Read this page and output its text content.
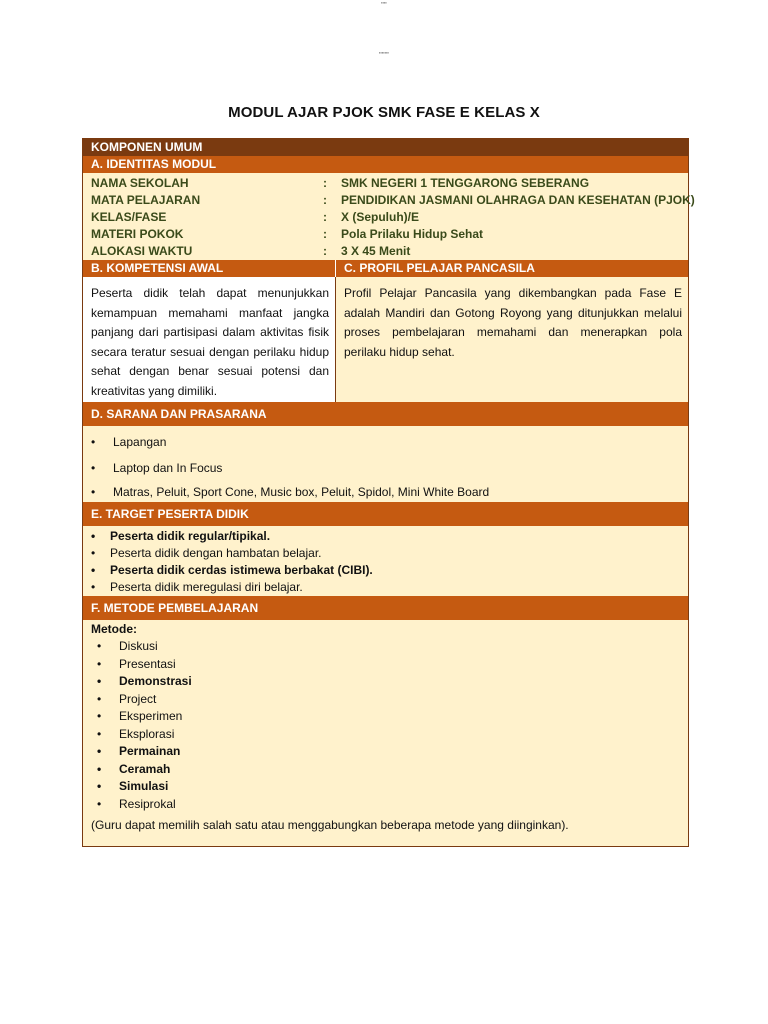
▪▪▪▪
▪▪▪▪▪▪▪
MODUL AJAR PJOK SMK FASE E KELAS X
KOMPONEN UMUM
A. IDENTITAS MODUL
NAMA SEKOLAH	:	SMK NEGERI 1 TENGGARONG SEBERANG
MATA PELAJARAN	:	PENDIDIKAN JASMANI OLAHRAGA DAN KESEHATAN (PJOK)
KELAS/FASE	:	X (Sepuluh)/E
MATERI POKOK	:	Pola Prilaku Hidup Sehat
ALOKASI WAKTU	:	3 X 45 Menit
B. KOMPETENSI AWAL	C. PROFIL PELAJAR PANCASILA
Peserta didik telah dapat menunjukkan kemampuan memahami manfaat jangka panjang dari partisipasi dalam aktivitas fisik secara teratur sesuai dengan perilaku hidup sehat dengan benar sesuai potensi dan kreativitas yang dimiliki.
Profil Pelajar Pancasila yang dikembangkan pada Fase E adalah Mandiri dan Gotong Royong yang ditunjukkan melalui proses pembelajaran memahami dan menerapkan pola perilaku hidup sehat.
D. SARANA DAN PRASARANA
• Lapangan
• Laptop dan In Focus
• Matras, Peluit, Sport Cone, Music box, Peluit, Spidol, Mini White Board
E. TARGET PESERTA DIDIK
• Peserta didik regular/tipikal.
• Peserta didik dengan hambatan belajar.
• Peserta didik cerdas istimewa berbakat (CIBI).
• Peserta didik meregulasi diri belajar.
F. METODE PEMBELAJARAN
Metode:
• Diskusi
• Presentasi
• Demonstrasi
• Project
• Eksperimen
• Eksplorasi
• Permainan
• Ceramah
• Simulasi
• Resiprokal
(Guru dapat memilih salah satu atau menggabungkan beberapa metode yang diinginkan).
